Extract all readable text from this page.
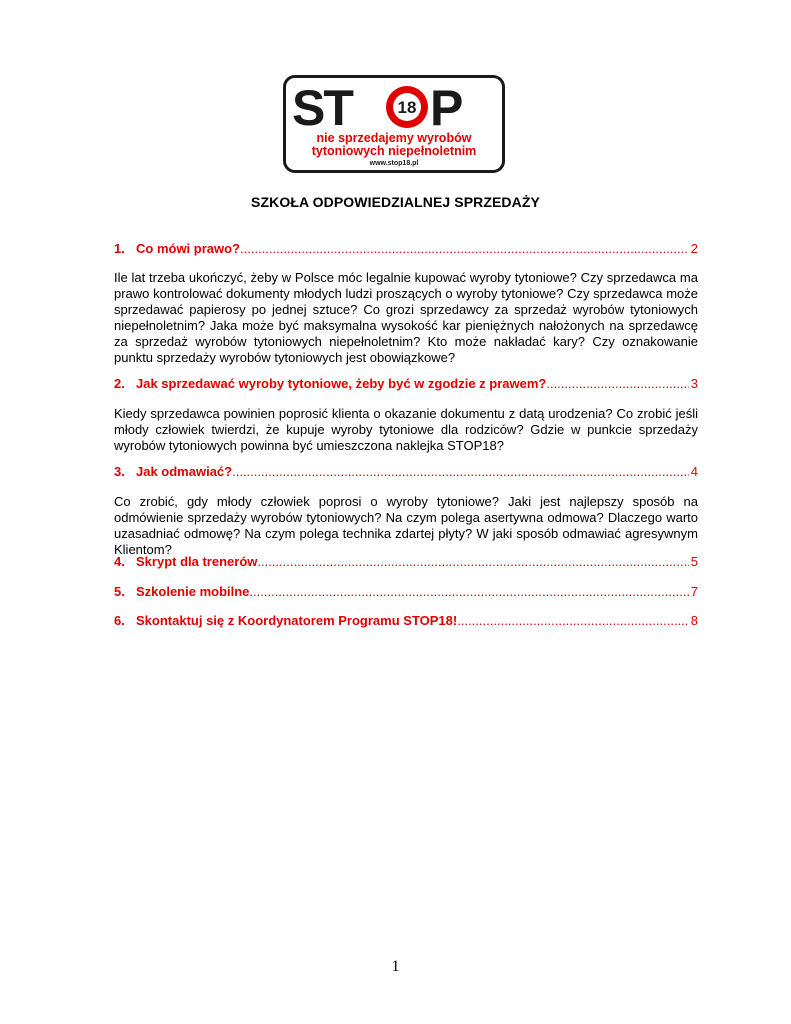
ST	18 P
nie sprzedajemy wyrobów
tytoniowych niepełnoletnim
www.stop18.pl
SZKOŁA ODPOWIEDZIALNEJ SPRZEDAŻY
1. Co mówi prawo? .....	2
Ile lat trzeba ukończyć, żeby w Polsce móc legalnie kupować wyroby tytoniowe? Czy sprzedawca ma prawo kontrolować dokumenty młodych ludzi proszących o wyroby tytoniowe? Czy sprzedawca może sprzedawać papierosy po jednej sztuce? Co grozi sprzedawcy za sprzedaż wyrobów tytoniowych niepełnoletnim? Jaka może być maksymalna wysokość kar pieniężnych nałożonych na sprzedawcę za sprzedaż wyrobów tytoniowych niepełnoletnim? Kto może nakładać kary? Czy oznakowanie punktu sprzedaży wyrobów tytoniowych jest obowiązkowe?
2. Jak sprzedawać wyroby tytoniowe, żeby być w zgodzie z prawem? .....	3
Kiedy sprzedawca powinien poprosić klienta o okazanie dokumentu z datą urodzenia? Co zrobić jeśli młody człowiek twierdzi, że kupuje wyroby tytoniowe dla rodziców? Gdzie w punkcie sprzedaży wyrobów tytoniowych powinna być umieszczona naklejka STOP18?
3. Jak odmawiać? .....	4
Co zrobić, gdy młody człowiek poprosi o wyroby tytoniowe? Jaki jest najlepszy sposób na odmówienie sprzedaży wyrobów tytoniowych? Na czym polega asertywna odmowa? Dlaczego warto uzasadniać odmowę? Na czym polega technika zdartej płyty? W jaki sposób odmawiać agresywnym Klientom?
4. Skrypt dla trenerów .....	5
5. Szkolenie mobilne .....	7
6. Skontaktuj się z Koordynatorem Programu STOP18! .....	8
1
